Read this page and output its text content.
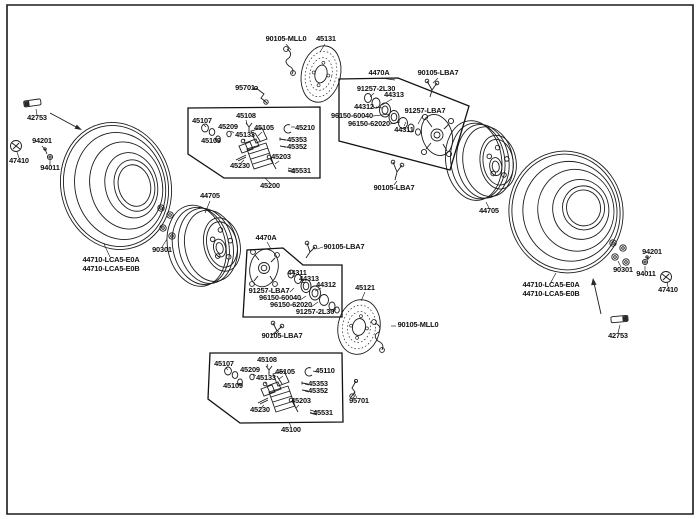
90105-MLL0 45131
95701
4470A	90105-LBA7
91257-2L30
44313
44312
96150-60040
96150-62020
91257-LBA7
44311
45107
45108
45209 45105	45210
45133
45109	45353
45352
45203
45230
45531
45200
44705
90301
44710-LCA5-E0A
44710-LCA5-E0B
42753
94201
47410
94011
4470A
90105-LBA7
44311
44313
44312
91257-LBA7
96150-60040
96150-62020
91257-2L30
90105-LBA7
45121
90105-MLL0
90105-LBA7
45107	45108
45209 45105	45110
45133
45109	45353
45352
45203
45230	45531
45100
95701
44705
44710-LCA5-E0A
44710-LCA5-E0B
90301
94201
94011
47410
42753
